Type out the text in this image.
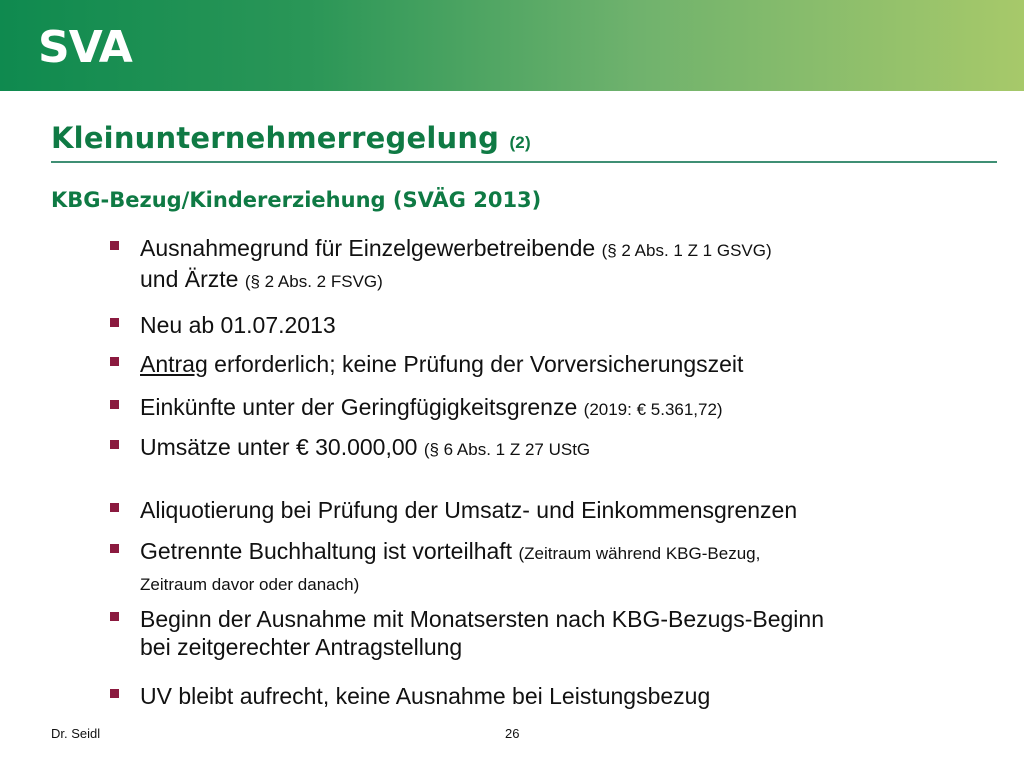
SVA
Kleinunternehmerregelung (2)
KBG-Bezug/Kindererziehung (SVÄG 2013)
Ausnahmegrund für Einzelgewerbetreibende (§ 2 Abs. 1 Z 1 GSVG)
und Ärzte (§ 2 Abs. 2 FSVG)
Neu ab 01.07.2013
Antrag erforderlich; keine Prüfung der Vorversicherungszeit
Einkünfte unter der Geringfügigkeitsgrenze (2019: € 5.361,72)
Umsätze unter € 30.000,00 (§ 6 Abs. 1 Z 27 UStG
Aliquotierung bei Prüfung der Umsatz- und Einkommensgrenzen
Getrennte Buchhaltung ist vorteilhaft (Zeitraum während KBG-Bezug,
Zeitraum davor oder danach)
Beginn der Ausnahme mit Monatsersten nach KBG-Bezugs-Beginn
bei zeitgerechter Antragstellung
UV bleibt aufrecht, keine Ausnahme bei Leistungsbezug
Dr. Seidl	26
